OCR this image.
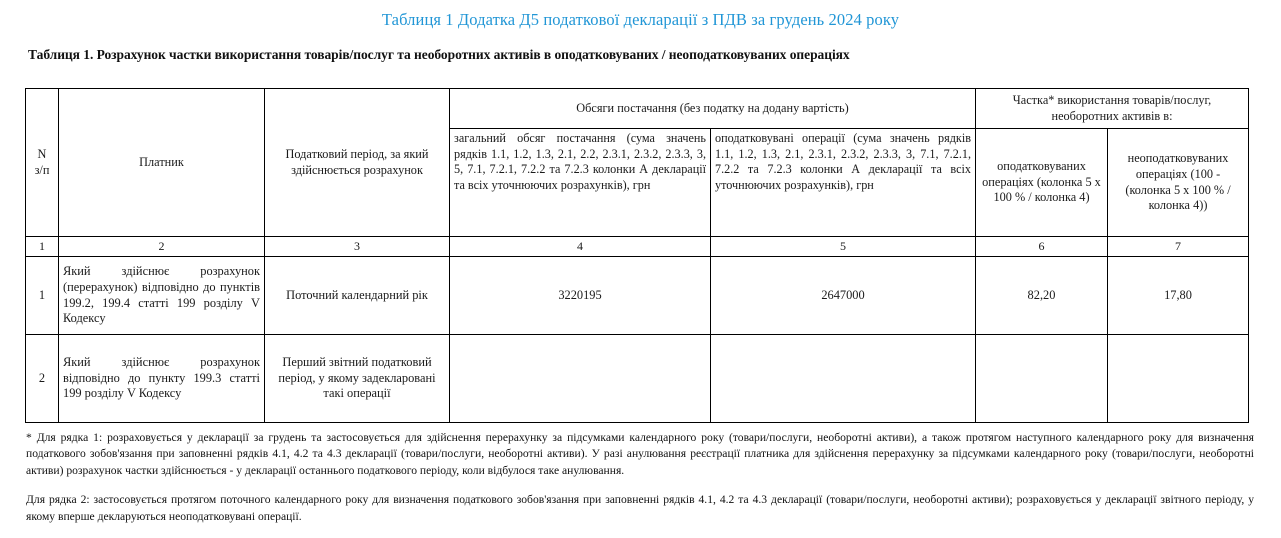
Таблиця 1 Додатка Д5 податкової декларації з ПДВ за грудень 2024 року
Таблиця 1. Розрахунок частки використання товарів/послуг та необоротних активів в оподатковуваних / неоподатковуваних операціях
N
з/п	Платник	Податковий період, за який здійснюється розрахунок	Обсяги постачання (без податку на додану вартість)		Частка* використання товарів/послуг, необоротних активів в:	
			загальний обсяг постачання (сума значень рядків 1.1, 1.2, 1.3, 2.1, 2.2, 2.3.1, 2.3.2, 2.3.3, 3, 5, 7.1, 7.2.1, 7.2.2 та 7.2.3 колонки А декларації та всіх уточнюючих розрахунків), грн	оподатковувані операції (сума значень рядків 1.1, 1.2, 1.3, 2.1, 2.3.1, 2.3.2, 2.3.3, 3, 7.1, 7.2.1, 7.2.2 та 7.2.3 колонки А декларації та всіх уточнюючих розрахунків), грн	оподатковуваних операціях (колонка 5 х 100 % / колонка 4)	неоподатковуваних операціях (100 - (колонка 5 х 100 % / колонка 4))
1	2	3	4	5	6	7
1	Який здійснює розрахунок (перерахунок) відповідно до пунктів 199.2, 199.4 статті 199 розділу V Кодексу	Поточний календарний рік	3220195	2647000	82,20	17,80
2	Який здійснює розрахунок відповідно до пункту 199.3 статті 199 розділу V Кодексу	Перший звітний податковий період, у якому задекларовані такі операції				

* Для рядка 1: розраховується у декларації за грудень та застосовується для здійснення перерахунку за підсумками календарного року (товари/послуги, необоротні активи), а також протягом наступного календарного року для визначення податкового зобов'язання при заповненні рядків 4.1, 4.2 та 4.3 декларації (товари/послуги, необоротні активи). У разі анулювання реєстрації платника для здійснення перерахунку за підсумками календарного року (товари/послуги, необоротні активи) розрахунок частки здійснюється - у декларації останнього податкового періоду, коли відбулося таке анулювання.

Для рядка 2: застосовується протягом поточного календарного року для визначення податкового зобов'язання при заповненні рядків 4.1, 4.2 та 4.3 декларації (товари/послуги, необоротні активи); розраховується у декларації звітного періоду, у якому вперше декларуються неоподатковувані операції.
